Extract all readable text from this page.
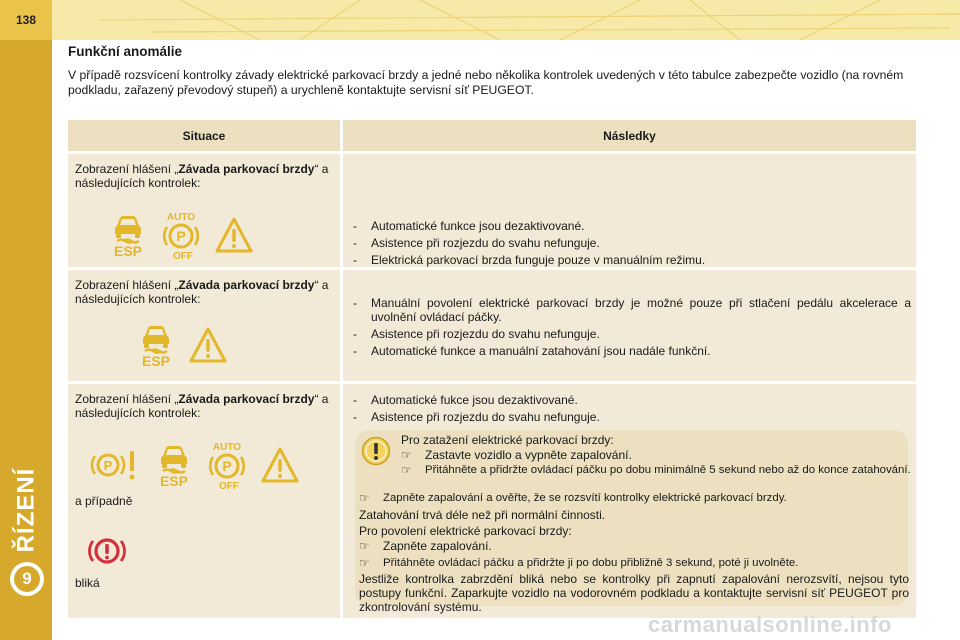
138
ŘÍZENÍ
9
Funkční anomálie
V případě rozsvícení kontrolky závady elektrické parkovací brzdy a jedné nebo několika kontrolek uvedených v této tabulce zabezpečte vozidlo (na rovném podkladu, zařazený převodový stupeň) a urychleně kontaktujte servisní síť PEUGEOT.
Situace	Následky
Zobrazení hlášení „Závada parkovací brzdy“ a následujících kontrolek:
ESP
AUTO
P
OFF
- Automatické funkce jsou dezaktivované.
- Asistence při rozjezdu do svahu nefunguje.
- Elektrická parkovací brzda funguje pouze v manuálním režimu.
Zobrazení hlášení „Závada parkovací brzdy“ a následujících kontrolek:
ESP
- Manuální povolení elektrické parkovací brzdy je možné pouze při stlačení pedálu akcelerace a uvolnění ovládací páčky.
- Asistence při rozjezdu do svahu nefunguje.
- Automatické funkce a manuální zatahování jsou nadále funkční.
Zobrazení hlášení „Závada parkovací brzdy“ a následujících kontrolek:
P
ESP
AUTO
P
OFF
a případně
bliká
- Automatické fukce jsou dezaktivované.
- Asistence při rozjezdu do svahu nefunguje.
Pro zatažení elektrické parkovací brzdy:
☞ Zastavte vozidlo a vypněte zapalování.
☞ Přitáhněte a přidržte ovládací páčku po dobu minimálně 5 sekund nebo až do konce zatahování.
☞ Zapněte zapalování a ověřte, že se rozsvítí kontrolky elektrické parkovací brzdy.
Zatahování trvá déle než při normální činnosti.
Pro povolení elektrické parkovací brzdy:
☞ Zapněte zapalování.
☞ Přitáhněte ovládací páčku a přidržte ji po dobu přibližně 3 sekund, poté ji uvolněte.
Jestliže kontrolka zabrzdění bliká nebo se kontrolky při zapnutí zapalování nerozsvítí, nejsou tyto postupy funkční. Zaparkujte vozidlo na vodorovném podkladu a kontaktujte servisní síť PEUGEOT pro zkontrolování systému.
carmanualsonline.info
